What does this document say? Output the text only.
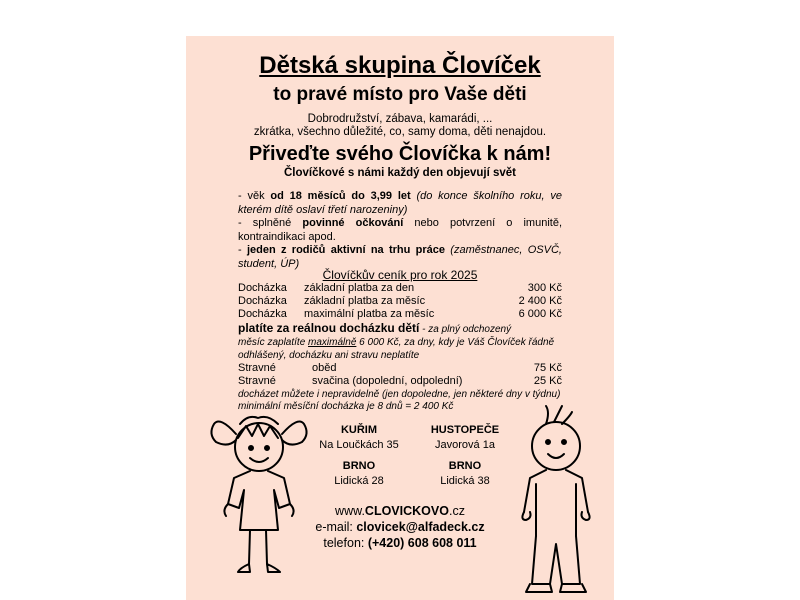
Dětská skupina Človíček
to pravé místo pro Vaše děti
Dobrodružství, zábava, kamarádi, ...
zkrátka, všechno důležité, co, samy doma, děti nenajdou.
Přiveďte svého Človíčka k nám!
Človíčkové s námi každý den objevují svět
- věk od 18 měsíců do 3,99 let (do konce školního roku, ve kterém dítě oslaví třetí narozeniny)
- splněné povinné očkování nebo potvrzení o imunitě, kontraindikaci apod.
- jeden z rodičů aktivní na trhu práce (zaměstnanec, OSVČ, student, ÚP)
Človíčkův ceník pro rok 2025
Docházka základní platba za den	300 Kč
Docházka základní platba za měsíc	2 400 Kč
Docházka maximální platba za měsíc	6 000 Kč
platíte za reálnou docházku dětí - za plný odchozený
měsíc zaplatíte maximálně 6 000 Kč, za dny, kdy je Váš Človíček řádně odhlášený, docházku ani stravu neplatíte
Stravné	oběd	75 Kč
Stravné	svačina (dopolední, odpolední)	25 Kč
docházet můžete i nepravidelně (jen dopoledne, jen některé dny v týdnu)
minimální měsíční docházka je 8 dnů = 2 400 Kč
KUŘIM
Na Loučkách 35
HUSTOPEČE
Javorová 1a
BRNO
Lidická 28
BRNO
Lidická 38
www.CLOVICKOVO.cz
e-mail: clovicek@alfadeck.cz
telefon: (+420) 608 608 011
